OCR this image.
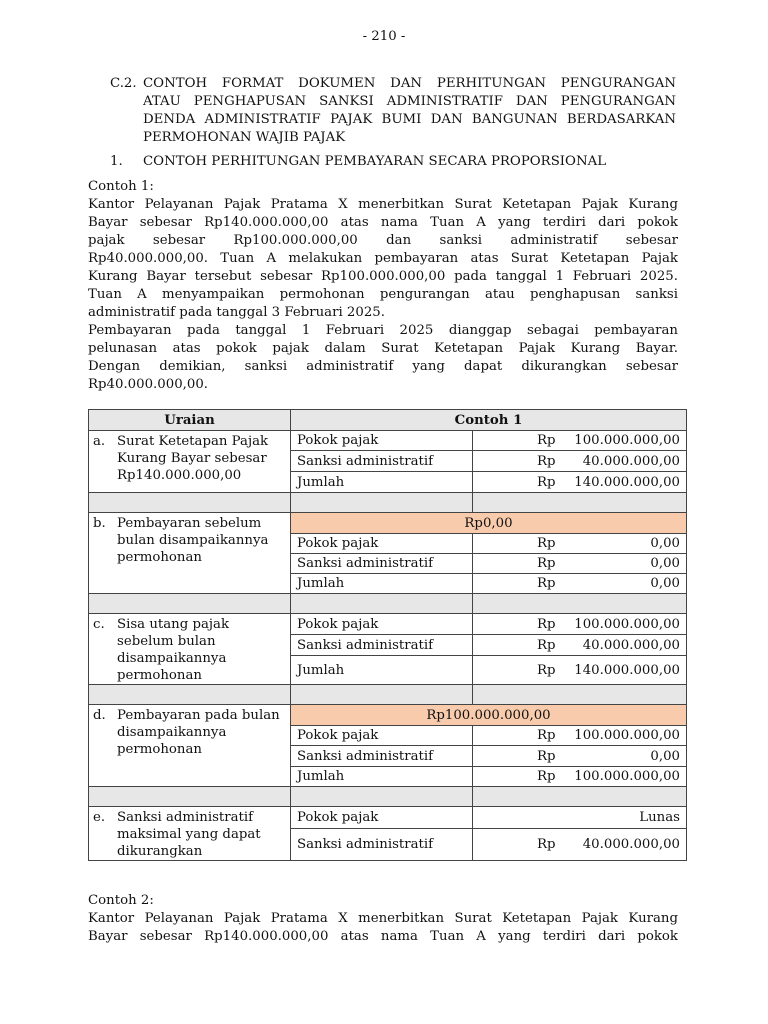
- 210 -
C.2. CONTOH FORMAT DOKUMEN DAN PERHITUNGAN PENGURANGAN
ATAU PENGHAPUSAN SANKSI ADMINISTRATIF DAN PENGURANGAN
DENDA ADMINISTRATIF PAJAK BUMI DAN BANGUNAN BERDASARKAN
PERMOHONAN WAJIB PAJAK
1. CONTOH PERHITUNGAN PEMBAYARAN SECARA PROPORSIONAL
Contoh 1:
Kantor Pelayanan Pajak Pratama X menerbitkan Surat Ketetapan Pajak Kurang
Bayar sebesar Rp140.000.000,00 atas nama Tuan A yang terdiri dari pokok
pajak sebesar Rp100.000.000,00 dan sanksi administratif sebesar
Rp40.000.000,00. Tuan A melakukan pembayaran atas Surat Ketetapan Pajak
Kurang Bayar tersebut sebesar Rp100.000.000,00 pada tanggal 1 Februari 2025.
Tuan A menyampaikan permohonan pengurangan atau penghapusan sanksi
administratif pada tanggal 3 Februari 2025.
Pembayaran pada tanggal 1 Februari 2025 dianggap sebagai pembayaran
pelunasan atas pokok pajak dalam Surat Ketetapan Pajak Kurang Bayar.
Dengan demikian, sanksi administratif yang dapat dikurangkan sebesar
Rp40.000.000,00.
Uraian	Contoh 1	

a. Surat Ketetapan Pajak Kurang Bayar sebesar Rp140.000.000,00	Pokok pajak	Rp 100.000.000,00

	Sanksi administratif	Rp 40.000.000,00

	Jumlah	Rp 140.000.000,00

b. Pembayaran sebelum bulan disampaikannya permohonan	Rp0,00	
	Pokok pajak	Rp 0,00

	Sanksi administratif	Rp 0,00

	Jumlah	Rp 0,00

c. Sisa utang pajak sebelum bulan disampaikannya permohonan	Pokok pajak	Rp 100.000.000,00

	Sanksi administratif	Rp 40.000.000,00

	Jumlah	Rp 140.000.000,00

d. Pembayaran pada bulan disampaikannya permohonan	Rp100.000.000,00	
	Pokok pajak	Rp 100.000.000,00

	Sanksi administratif	Rp 0,00

	Jumlah	Rp 100.000.000,00

e. Sanksi administratif maksimal yang dapat dikurangkan	Pokok pajak	Lunas
	Sanksi administratif	Rp 40.000.000,00
Contoh 2:
Kantor Pelayanan Pajak Pratama X menerbitkan Surat Ketetapan Pajak Kurang
Bayar sebesar Rp140.000.000,00 atas nama Tuan A yang terdiri dari pokok
